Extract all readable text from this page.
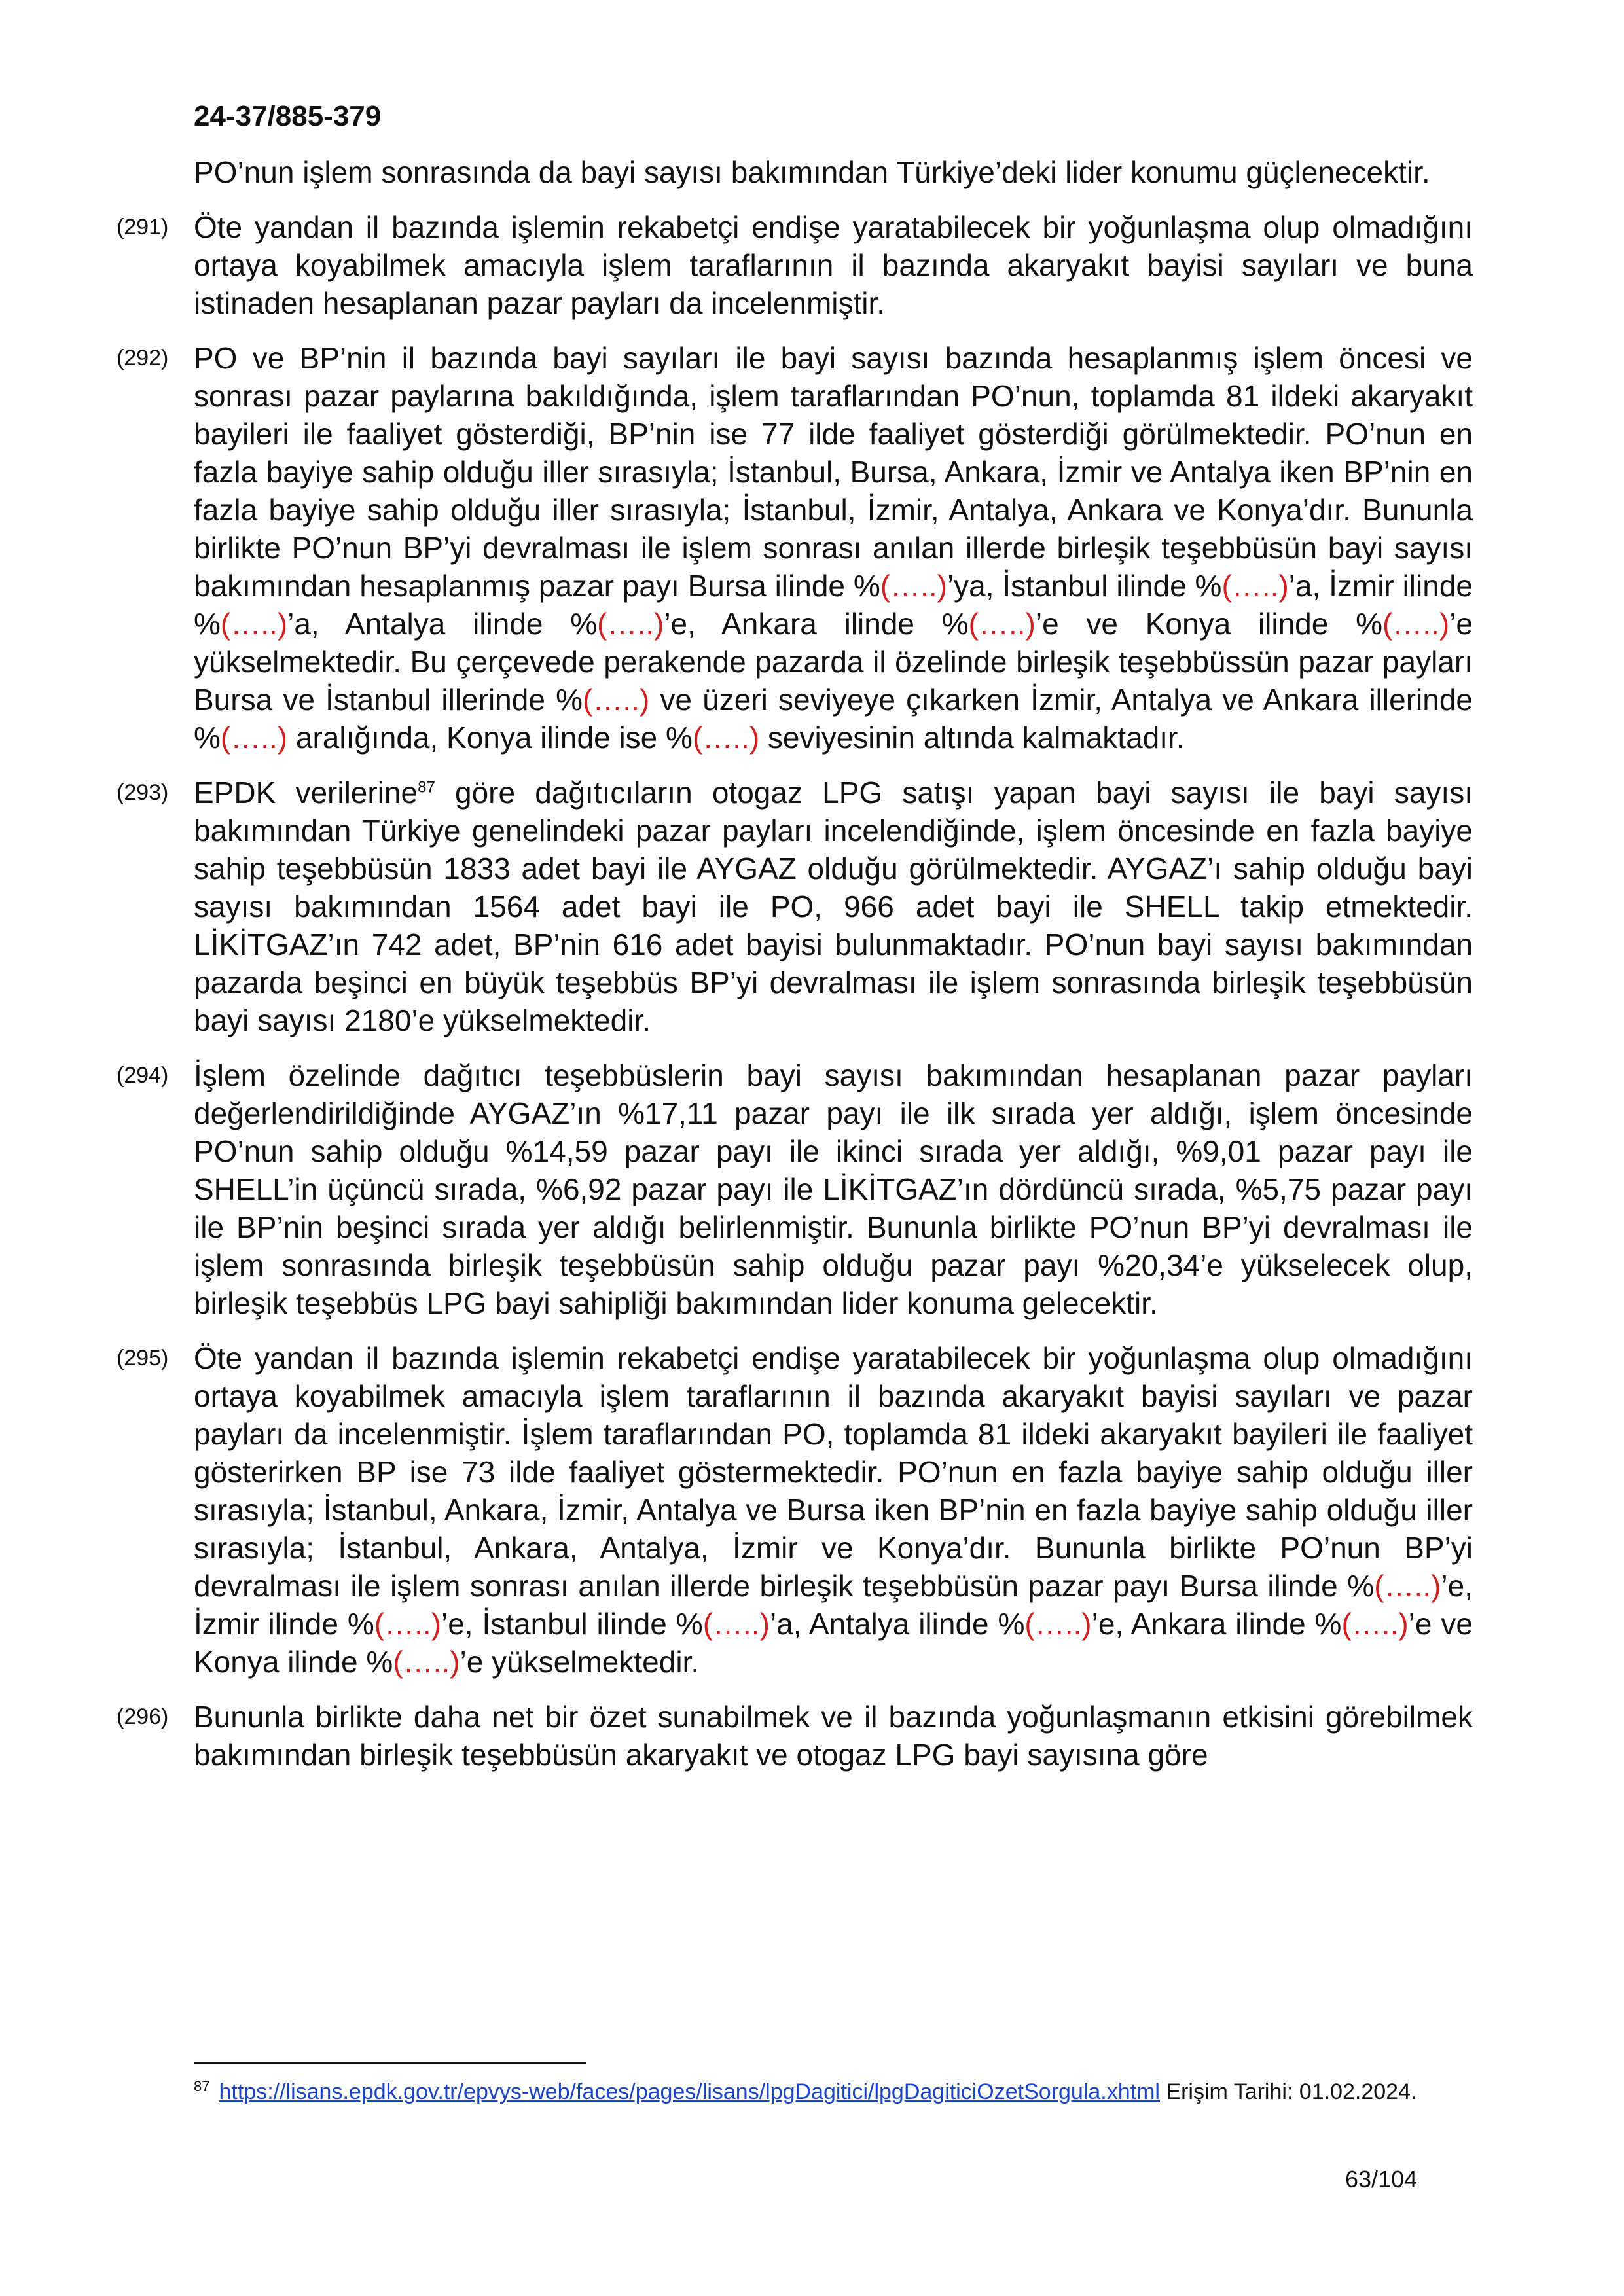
24-37/885-379

PO’nun işlem sonrasında da bayi sayısı bakımından Türkiye’deki lider konumu güçlenecektir.

(291) Öte yandan il bazında işlemin rekabetçi endişe yaratabilecek bir yoğunlaşma olup olmadığını ortaya koyabilmek amacıyla işlem taraflarının il bazında akaryakıt bayisi sayıları ve buna istinaden hesaplanan pazar payları da incelenmiştir.

(292) PO ve BP’nin il bazında bayi sayıları ile bayi sayısı bazında hesaplanmış işlem öncesi ve sonrası pazar paylarına bakıldığında, işlem taraflarından PO’nun, toplamda 81 ildeki akaryakıt bayileri ile faaliyet gösterdiği, BP’nin ise 77 ilde faaliyet gösterdiği görülmektedir. PO’nun en fazla bayiye sahip olduğu iller sırasıyla; İstanbul, Bursa, Ankara, İzmir ve Antalya iken BP’nin en fazla bayiye sahip olduğu iller sırasıyla; İstanbul, İzmir, Antalya, Ankara ve Konya’dır. Bununla birlikte PO’nun BP’yi devralması ile işlem sonrası anılan illerde birleşik teşebbüsün bayi sayısı bakımından hesaplanmış pazar payı Bursa ilinde %(…..)’ya, İstanbul ilinde %(…..)’a, İzmir ilinde %(…..)’a, Antalya ilinde %(…..)’e, Ankara ilinde %(…..)’e ve Konya ilinde %(…..)’e yükselmektedir. Bu çerçevede perakende pazarda il özelinde birleşik teşebbüssün pazar payları Bursa ve İstanbul illerinde %(…..) ve üzeri seviyeye çıkarken İzmir, Antalya ve Ankara illerinde %(…..) aralığında, Konya ilinde ise %(…..) seviyesinin altında kalmaktadır.

(293) EPDK verilerine$^{87}$ göre dağıtıcıların otogaz LPG satışı yapan bayi sayısı ile bayi sayısı bakımından Türkiye genelindeki pazar payları incelendiğinde, işlem öncesinde en fazla bayiye sahip teşebbüsün 1833 adet bayi ile AYGAZ olduğu görülmektedir. AYGAZ’ı sahip olduğu bayi sayısı bakımından 1564 adet bayi ile PO, 966 adet bayi ile SHELL takip etmektedir. LİKİTGAZ’ın 742 adet, BP’nin 616 adet bayisi bulunmaktadır. PO’nun bayi sayısı bakımından pazarda beşinci en büyük teşebbüs BP’yi devralması ile işlem sonrasında birleşik teşebbüsün bayi sayısı 2180’e yükselmektedir.

(294) İşlem özelinde dağıtıcı teşebbüslerin bayi sayısı bakımından hesaplanan pazar payları değerlendirildiğinde AYGAZ’ın %17,11 pazar payı ile ilk sırada yer aldığı, işlem öncesinde PO’nun sahip olduğu %14,59 pazar payı ile ikinci sırada yer aldığı, %9,01 pazar payı ile SHELL’in üçüncü sırada, %6,92 pazar payı ile LİKİTGAZ’ın dördüncü sırada, %5,75 pazar payı ile BP’nin beşinci sırada yer aldığı belirlenmiştir. Bununla birlikte PO’nun BP’yi devralması ile işlem sonrasında birleşik teşebbüsün sahip olduğu pazar payı %20,34’e yükselecek olup, birleşik teşebbüs LPG bayi sahipliği bakımından lider konuma gelecektir.

(295) Öte yandan il bazında işlemin rekabetçi endişe yaratabilecek bir yoğunlaşma olup olmadığını ortaya koyabilmek amacıyla işlem taraflarının il bazında akaryakıt bayisi sayıları ve pazar payları da incelenmiştir. İşlem taraflarından PO, toplamda 81 ildeki akaryakıt bayileri ile faaliyet gösterirken BP ise 73 ilde faaliyet göstermektedir. PO’nun en fazla bayiye sahip olduğu iller sırasıyla; İstanbul, Ankara, İzmir, Antalya ve Bursa iken BP’nin en fazla bayiye sahip olduğu iller sırasıyla; İstanbul, Ankara, Antalya, İzmir ve Konya’dır. Bununla birlikte PO’nun BP’yi devralması ile işlem sonrası anılan illerde birleşik teşebbüsün pazar payı Bursa ilinde %(…..)’e, İzmir ilinde %(…..)’e, İstanbul ilinde %(…..)’a, Antalya ilinde %(…..)’e, Ankara ilinde %(…..)’e ve Konya ilinde %(…..)’e yükselmektedir.

(296) Bununla birlikte daha net bir özet sunabilmek ve il bazında yoğunlaşmanın etkisini görebilmek bakımından birleşik teşebbüsün akaryakıt ve otogaz LPG bayi sayısına göre

$^{87}$ https://lisans.epdk.gov.tr/epvys-web/faces/pages/lisans/lpgDagitici/lpgDagiticiOzetSorgula.xhtml Erişim Tarihi: 01.02.2024.
63/104
